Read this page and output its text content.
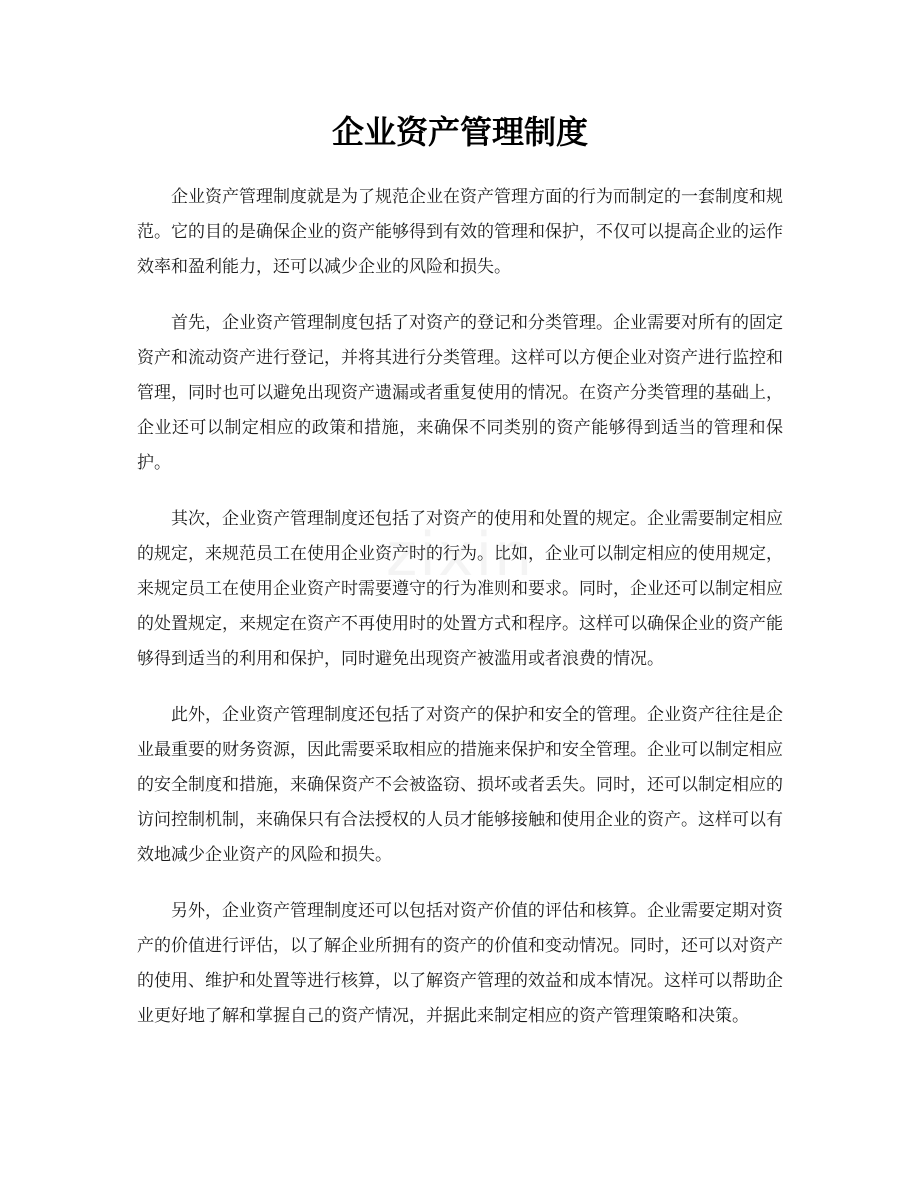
企业资产管理制度

企业资产管理制度就是为了规范企业在资产管理方面的行为而制定的一套制度和规范。它的目的是确保企业的资产能够得到有效的管理和保护，不仅可以提高企业的运作效率和盈利能力，还可以减少企业的风险和损失。

首先，企业资产管理制度包括了对资产的登记和分类管理。企业需要对所有的固定资产和流动资产进行登记，并将其进行分类管理。这样可以方便企业对资产进行监控和管理，同时也可以避免出现资产遗漏或者重复使用的情况。在资产分类管理的基础上，企业还可以制定相应的政策和措施，来确保不同类别的资产能够得到适当的管理和保护。

其次，企业资产管理制度还包括了对资产的使用和处置的规定。企业需要制定相应的规定，来规范员工在使用企业资产时的行为。比如，企业可以制定相应的使用规定，来规定员工在使用企业资产时需要遵守的行为准则和要求。同时，企业还可以制定相应的处置规定，来规定在资产不再使用时的处置方式和程序。这样可以确保企业的资产能够得到适当的利用和保护，同时避免出现资产被滥用或者浪费的情况。

此外，企业资产管理制度还包括了对资产的保护和安全的管理。企业资产往往是企业最重要的财务资源，因此需要采取相应的措施来保护和安全管理。企业可以制定相应的安全制度和措施，来确保资产不会被盗窃、损坏或者丢失。同时，还可以制定相应的访问控制机制，来确保只有合法授权的人员才能够接触和使用企业的资产。这样可以有效地减少企业资产的风险和损失。

另外，企业资产管理制度还可以包括对资产价值的评估和核算。企业需要定期对资产的价值进行评估，以了解企业所拥有的资产的价值和变动情况。同时，还可以对资产的使用、维护和处置等进行核算，以了解资产管理的效益和成本情况。这样可以帮助企业更好地了解和掌握自己的资产情况，并据此来制定相应的资产管理策略和决策。
